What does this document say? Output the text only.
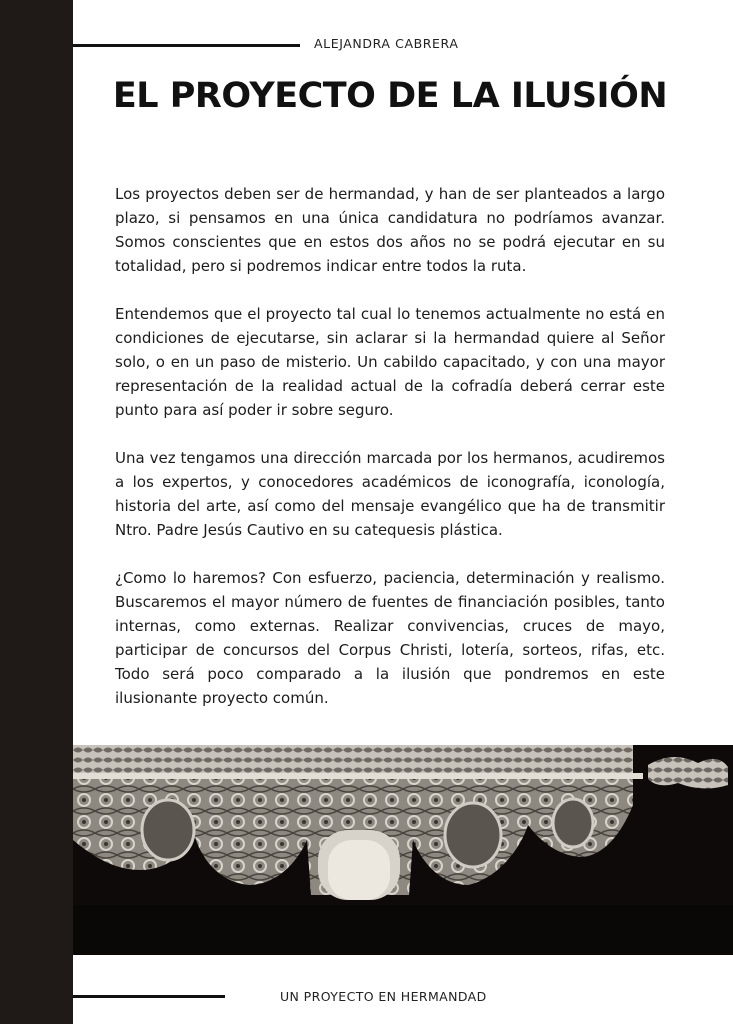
ALEJANDRA CABRERA
EL PROYECTO DE LA ILUSIÓN

Los proyectos deben ser de hermandad, y han de ser planteados a largo plazo, si pensamos en una única candidatura no podríamos avanzar. Somos conscientes que en estos dos años no se podrá ejecutar en su totalidad, pero si podremos indicar entre todos la ruta.

Entendemos que el proyecto tal cual lo tenemos actualmente no está en condiciones de ejecutarse, sin aclarar si la hermandad quiere al Señor solo, o en un paso de misterio. Un cabildo capacitado, y con una mayor representación de la realidad actual de la cofradía deberá cerrar este punto para así poder ir sobre seguro.

Una vez tengamos una dirección marcada por los hermanos, acudiremos a los expertos, y conocedores académicos de iconografía, iconología, historia del arte, así como del mensaje evangélico que ha de transmitir Ntro. Padre Jesús Cautivo en su catequesis plástica.

¿Como lo haremos? Con esfuerzo, paciencia, determinación y realismo. Buscaremos el mayor número de fuentes de financiación posibles, tanto internas, como externas. Realizar convivencias, cruces de mayo, participar de concursos del Corpus Christi, lotería, sorteos, rifas, etc. Todo será poco comparado a la ilusión que pondremos en este ilusionante proyecto común.

UN PROYECTO EN HERMANDAD
